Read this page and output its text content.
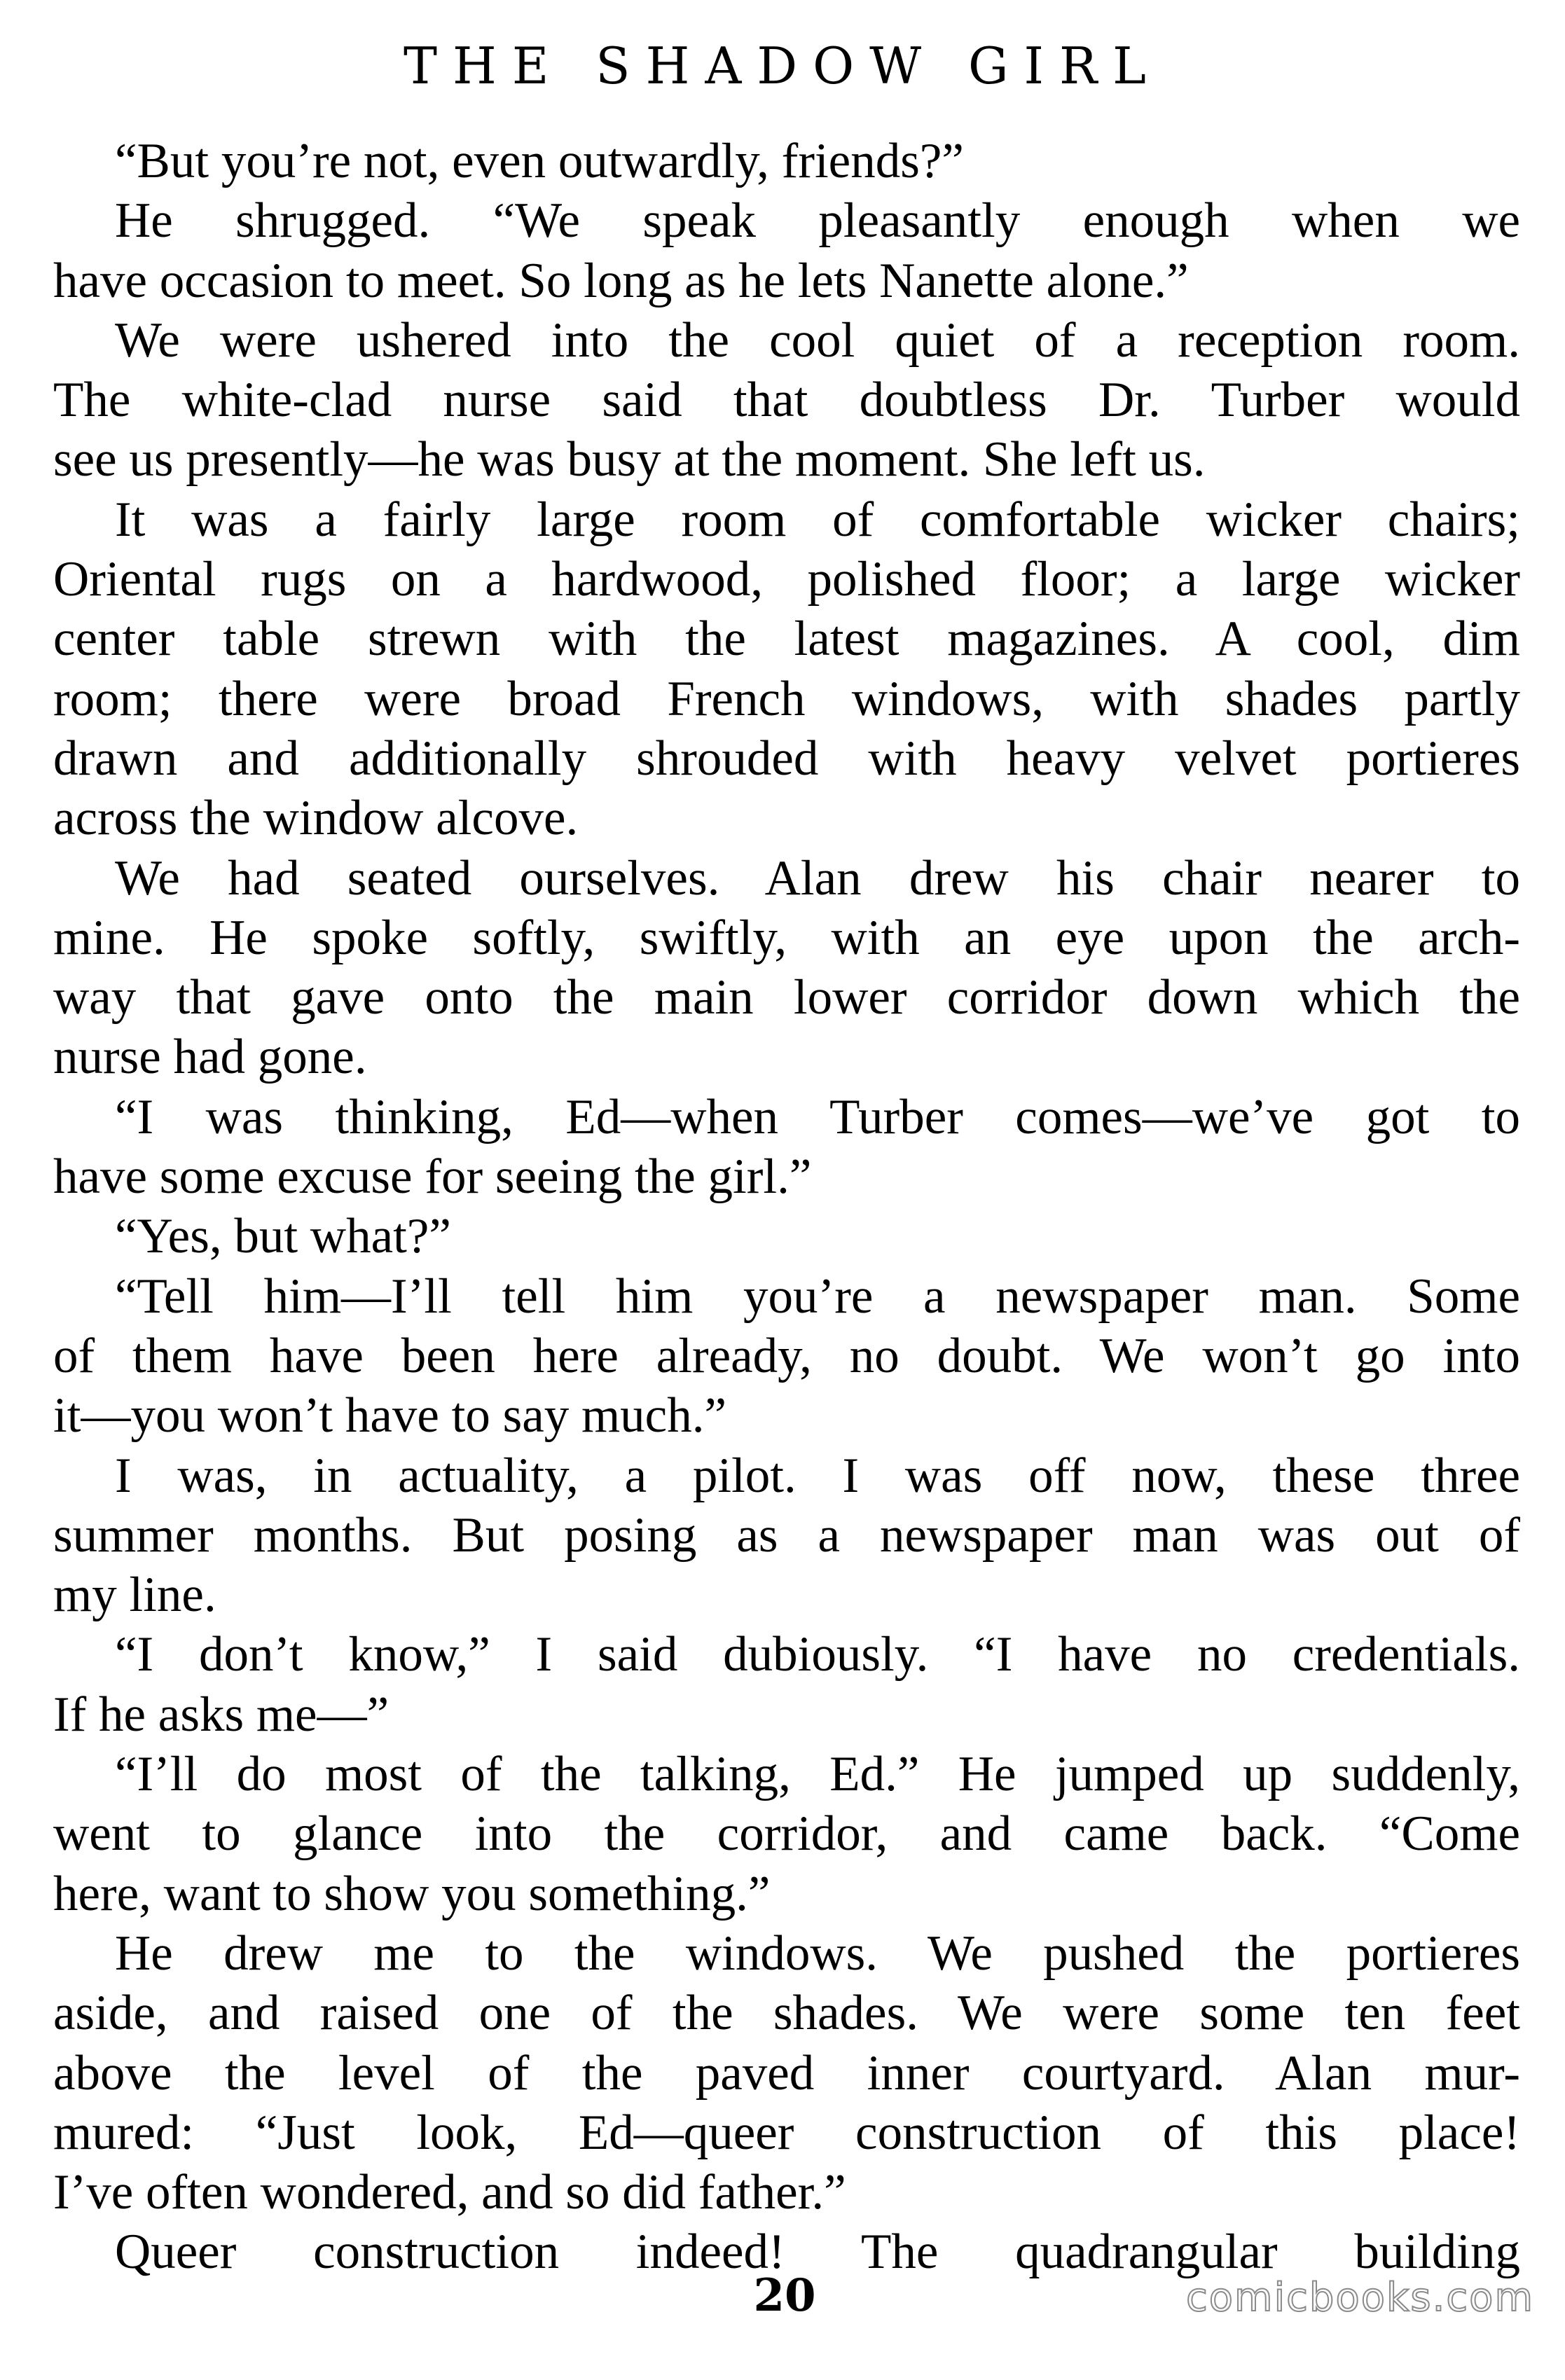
THE SHADOW GIRL
“But you’re not, even outwardly, friends?”
He shrugged. “We speak pleasantly enough when we
have occasion to meet. So long as he lets Nanette alone.”
We were ushered into the cool quiet of a reception room.
The white-clad nurse said that doubtless Dr. Turber would
see us presently—he was busy at the moment. She left us.
It was a fairly large room of comfortable wicker chairs;
Oriental rugs on a hardwood, polished floor; a large wicker
center table strewn with the latest magazines. A cool, dim
room; there were broad French windows, with shades partly
drawn and additionally shrouded with heavy velvet portieres
across the window alcove.
We had seated ourselves. Alan drew his chair nearer to
mine. He spoke softly, swiftly, with an eye upon the arch-
way that gave onto the main lower corridor down which the
nurse had gone.
“I was thinking, Ed—when Turber comes—we’ve got to
have some excuse for seeing the girl.”
“Yes, but what?”
“Tell him—I’ll tell him you’re a newspaper man. Some
of them have been here already, no doubt. We won’t go into
it—you won’t have to say much.”
I was, in actuality, a pilot. I was off now, these three
summer months. But posing as a newspaper man was out of
my line.
“I don’t know,” I said dubiously. “I have no credentials.
If he asks me—”
“I’ll do most of the talking, Ed.” He jumped up suddenly,
went to glance into the corridor, and came back. “Come
here, want to show you something.”
He drew me to the windows. We pushed the portieres
aside, and raised one of the shades. We were some ten feet
above the level of the paved inner courtyard. Alan mur-
mured: “Just look, Ed—queer construction of this place!
I’ve often wondered, and so did father.”
Queer construction indeed! The quadrangular building
20	comicbooks.com
